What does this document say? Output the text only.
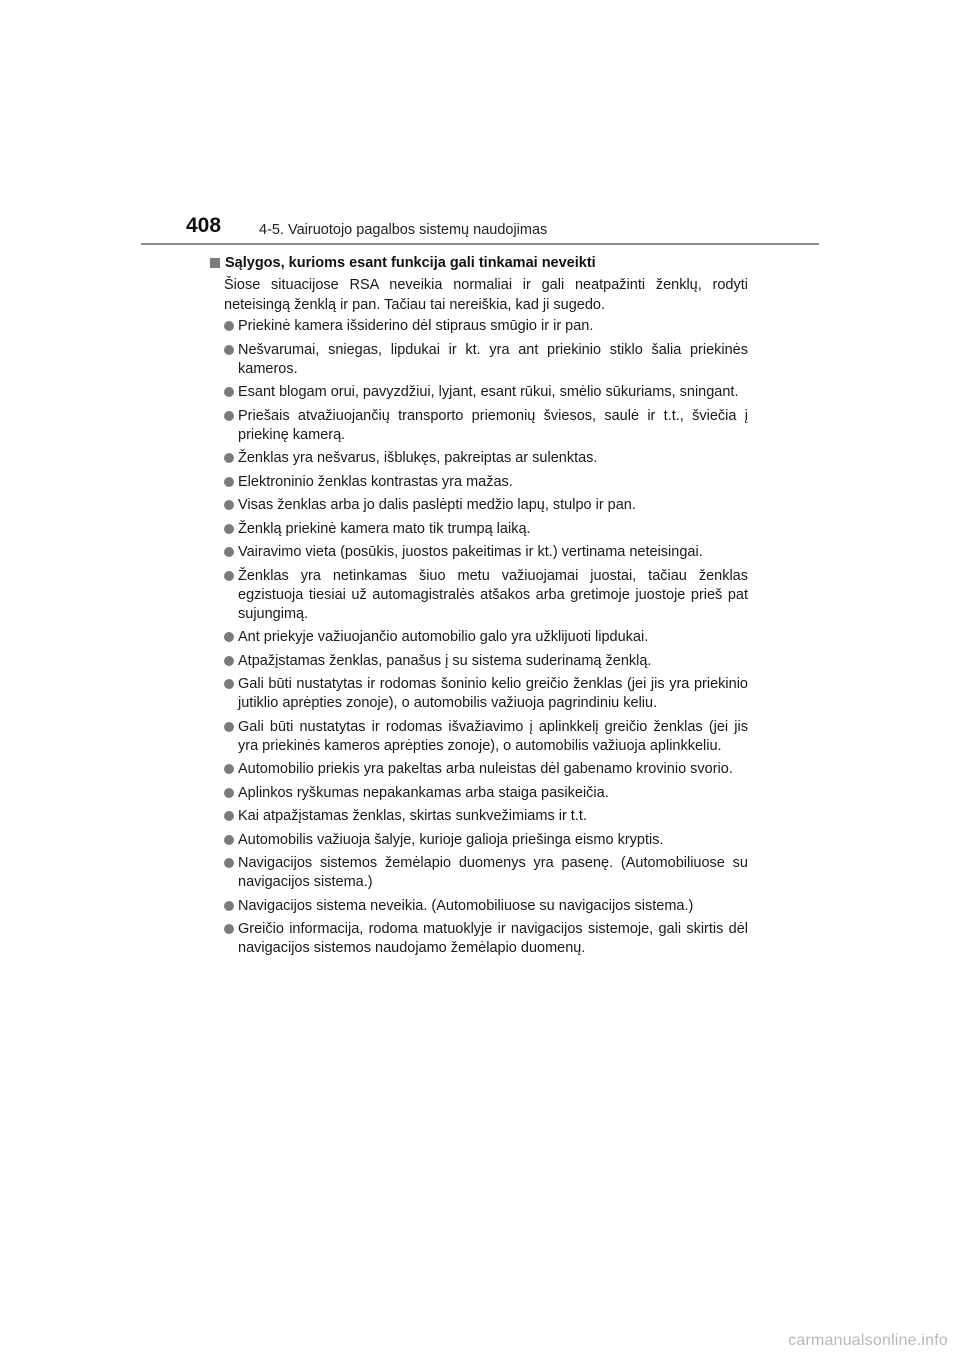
408	4-5. Vairuotojo pagalbos sistemų naudojimas
Sąlygos, kurioms esant funkcija gali tinkamai neveikti
Šiose situacijose RSA neveikia normaliai ir gali neatpažinti ženklų, rodyti neteisingą ženklą ir pan. Tačiau tai nereiškia, kad ji sugedo.
Priekinė kamera išsiderino dėl stipraus smūgio ir ir pan.
Nešvarumai, sniegas, lipdukai ir kt. yra ant priekinio stiklo šalia priekinės kameros.
Esant blogam orui, pavyzdžiui, lyjant, esant rūkui, smėlio sūkuriams, sningant.
Priešais atvažiuojančių transporto priemonių šviesos, saulė ir t.t., šviečia į priekinę kamerą.
Ženklas yra nešvarus, išblukęs, pakreiptas ar sulenktas.
Elektroninio ženklas kontrastas yra mažas.
Visas ženklas arba jo dalis paslėpti medžio lapų, stulpo ir pan.
Ženklą priekinė kamera mato tik trumpą laiką.
Vairavimo vieta (posūkis, juostos pakeitimas ir kt.) vertinama neteisingai.
Ženklas yra netinkamas šiuo metu važiuojamai juostai, tačiau ženklas egzistuoja tiesiai už automagistralės atšakos arba gretimoje juostoje prieš pat sujungimą.
Ant priekyje važiuojančio automobilio galo yra užklijuoti lipdukai.
Atpažįstamas ženklas, panašus į su sistema suderinamą ženklą.
Gali būti nustatytas ir rodomas šoninio kelio greičio ženklas (jei jis yra priekinio jutiklio aprėpties zonoje), o automobilis važiuoja pagrindiniu keliu.
Gali būti nustatytas ir rodomas išvažiavimo į aplinkkelį greičio ženklas (jei jis yra priekinės kameros aprėpties zonoje), o automobilis važiuoja aplinkkeliu.
Automobilio priekis yra pakeltas arba nuleistas dėl gabenamo krovinio svorio.
Aplinkos ryškumas nepakankamas arba staiga pasikeičia.
Kai atpažįstamas ženklas, skirtas sunkvežimiams ir t.t.
Automobilis važiuoja šalyje, kurioje galioja priešinga eismo kryptis.
Navigacijos sistemos žemėlapio duomenys yra pasenę. (Automobiliuose su navigacijos sistema.)
Navigacijos sistema neveikia. (Automobiliuose su navigacijos sistema.)
Greičio informacija, rodoma matuoklyje ir navigacijos sistemoje, gali skirtis dėl navigacijos sistemos naudojamo žemėlapio duomenų.
carmanualsonline.info
